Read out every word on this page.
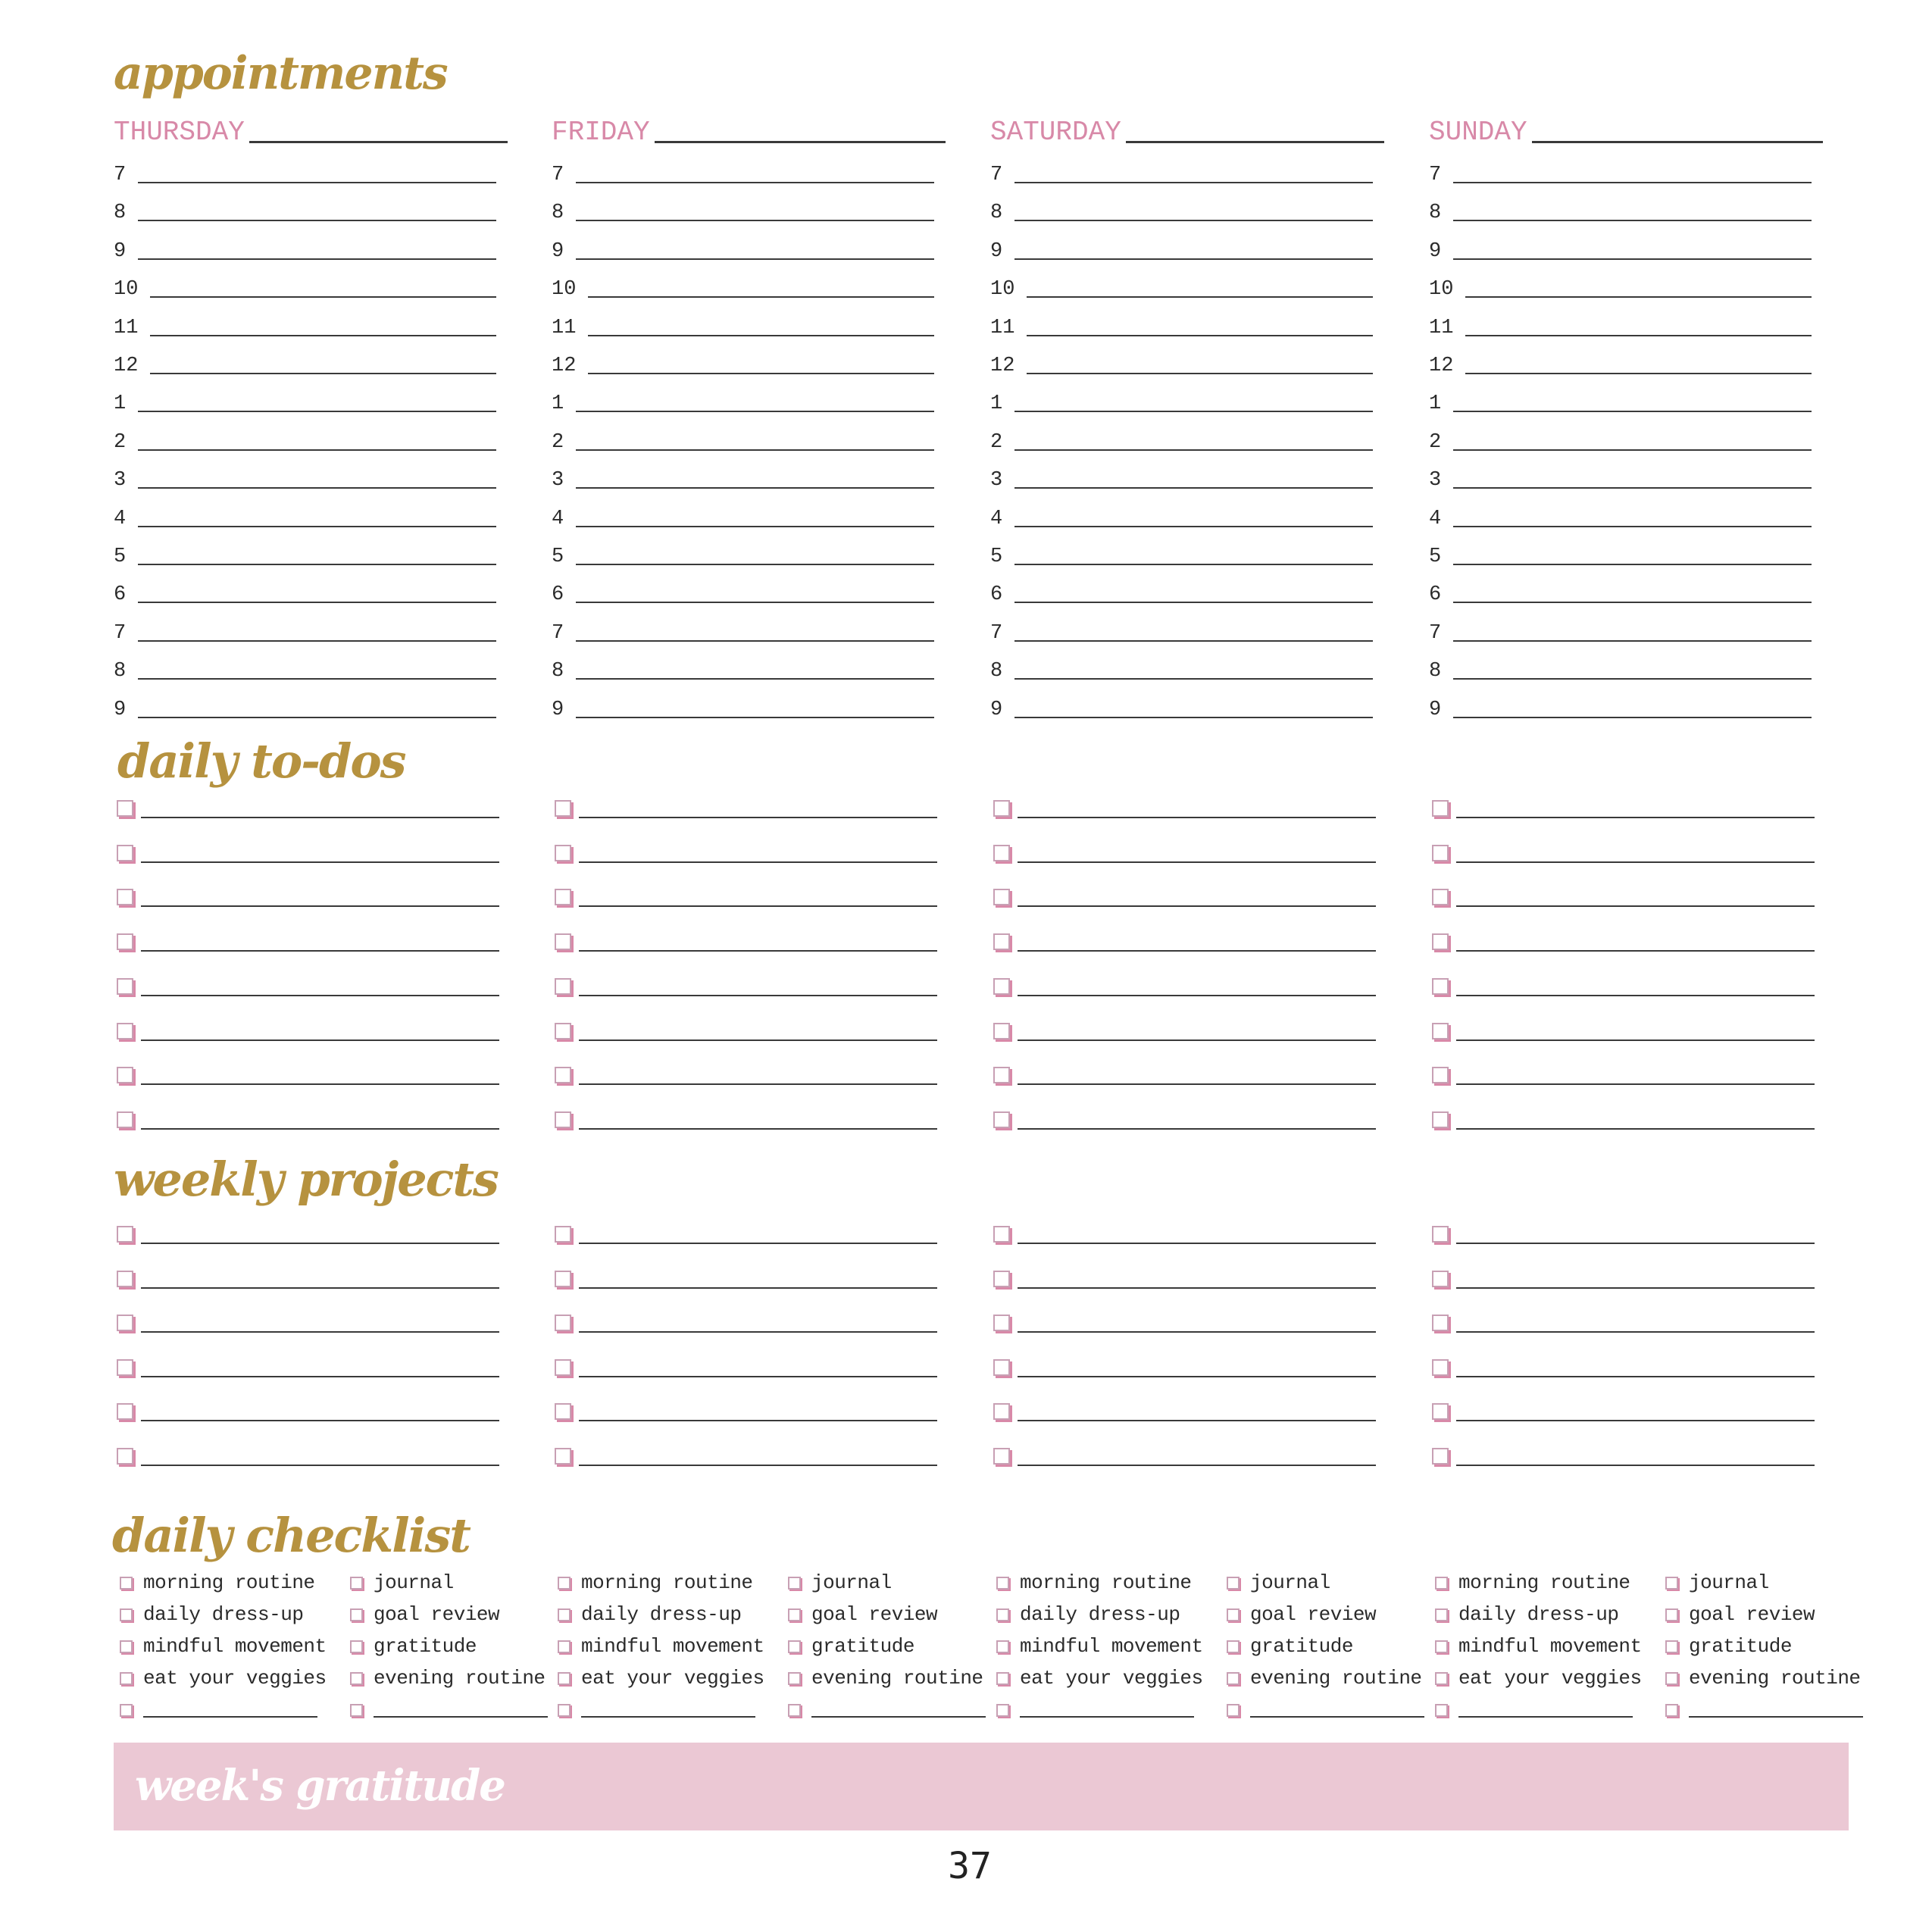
appointments
daily to-dos
weekly projects
daily checklist
THURSDAY
7
8
9
10
11
12
1
2
3
4
5
6
7
8
9
morning routine
daily dress-up
mindful movement
eat your veggies
journal
goal review
gratitude
evening routine
FRIDAY
7
8
9
10
11
12
1
2
3
4
5
6
7
8
9
morning routine
daily dress-up
mindful movement
eat your veggies
journal
goal review
gratitude
evening routine
SATURDAY
7
8
9
10
11
12
1
2
3
4
5
6
7
8
9
morning routine
daily dress-up
mindful movement
eat your veggies
journal
goal review
gratitude
evening routine
SUNDAY
7
8
9
10
11
12
1
2
3
4
5
6
7
8
9
morning routine
daily dress-up
mindful movement
eat your veggies
journal
goal review
gratitude
evening routine
week's gratitude
37
